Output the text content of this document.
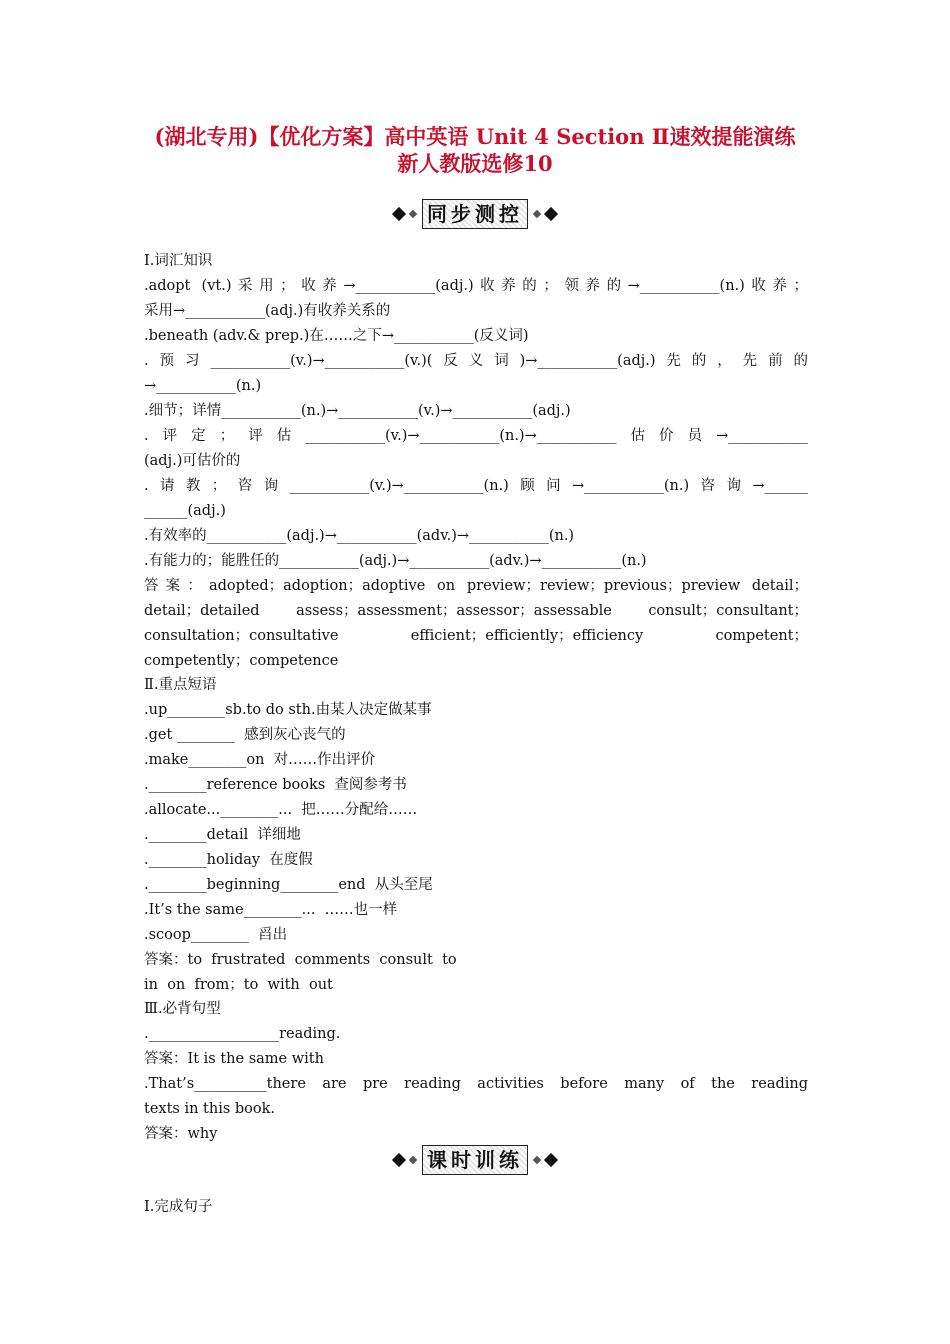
(湖北专用)【优化方案】高中英语 Unit 4 Section Ⅱ速效提能演练
新人教版选修10
同步测控
Ⅰ.词汇知识
.adopt (vt.)采用；收养→___________(adj.)收养的；领养的→___________(n.)收养；
采用→___________(adj.)有收养关系的
.beneath (adv.& prep.)在……之下→___________(反义词)
.预习___________(v.)→___________(v.)(反义词)→___________(adj.)先的，先前的
→___________(n.)
.细节；详情___________(n.)→___________(v.)→___________(adj.)
.评定；评估___________(v.)→___________(n.)→___________估价员→___________
(adj.)可估价的
.请教；咨询___________(v.)→___________(n.)顾问→___________(n.)咨询→______
______(adj.)
.有效率的___________(adj.)→___________(adv.)→___________(n.)
.有能力的；能胜任的___________(adj.)→___________(adv.)→___________(n.)
答案：adopted；adoption；adoptive on preview；review；previous；preview detail；
detail；detailed assess；assessment；assessor；assessable consult；consultant；
consultation；consultative efficient；efficiently；efficiency competent；
competently；competence
Ⅱ.重点短语
.up________sb.to do sth.由某人决定做某事
.get ________  感到灰心丧气的
.make________on  对……作出评价
.________reference books  查阅参考书
.allocate...________...  把……分配给……
.________detail  详细地
.________holiday  在度假
.________beginning________end  从头至尾
.It’s the same________...  ……也一样
.scoop________  舀出
答案：to  frustrated  comments  consult  to
in  on  from；to  with  out
Ⅲ.必背句型
.__________________reading.
答案：It is the same with
.That’s__________there are pre reading activities before many of the reading
texts in this book.
答案：why
课时训练
Ⅰ.完成句子
